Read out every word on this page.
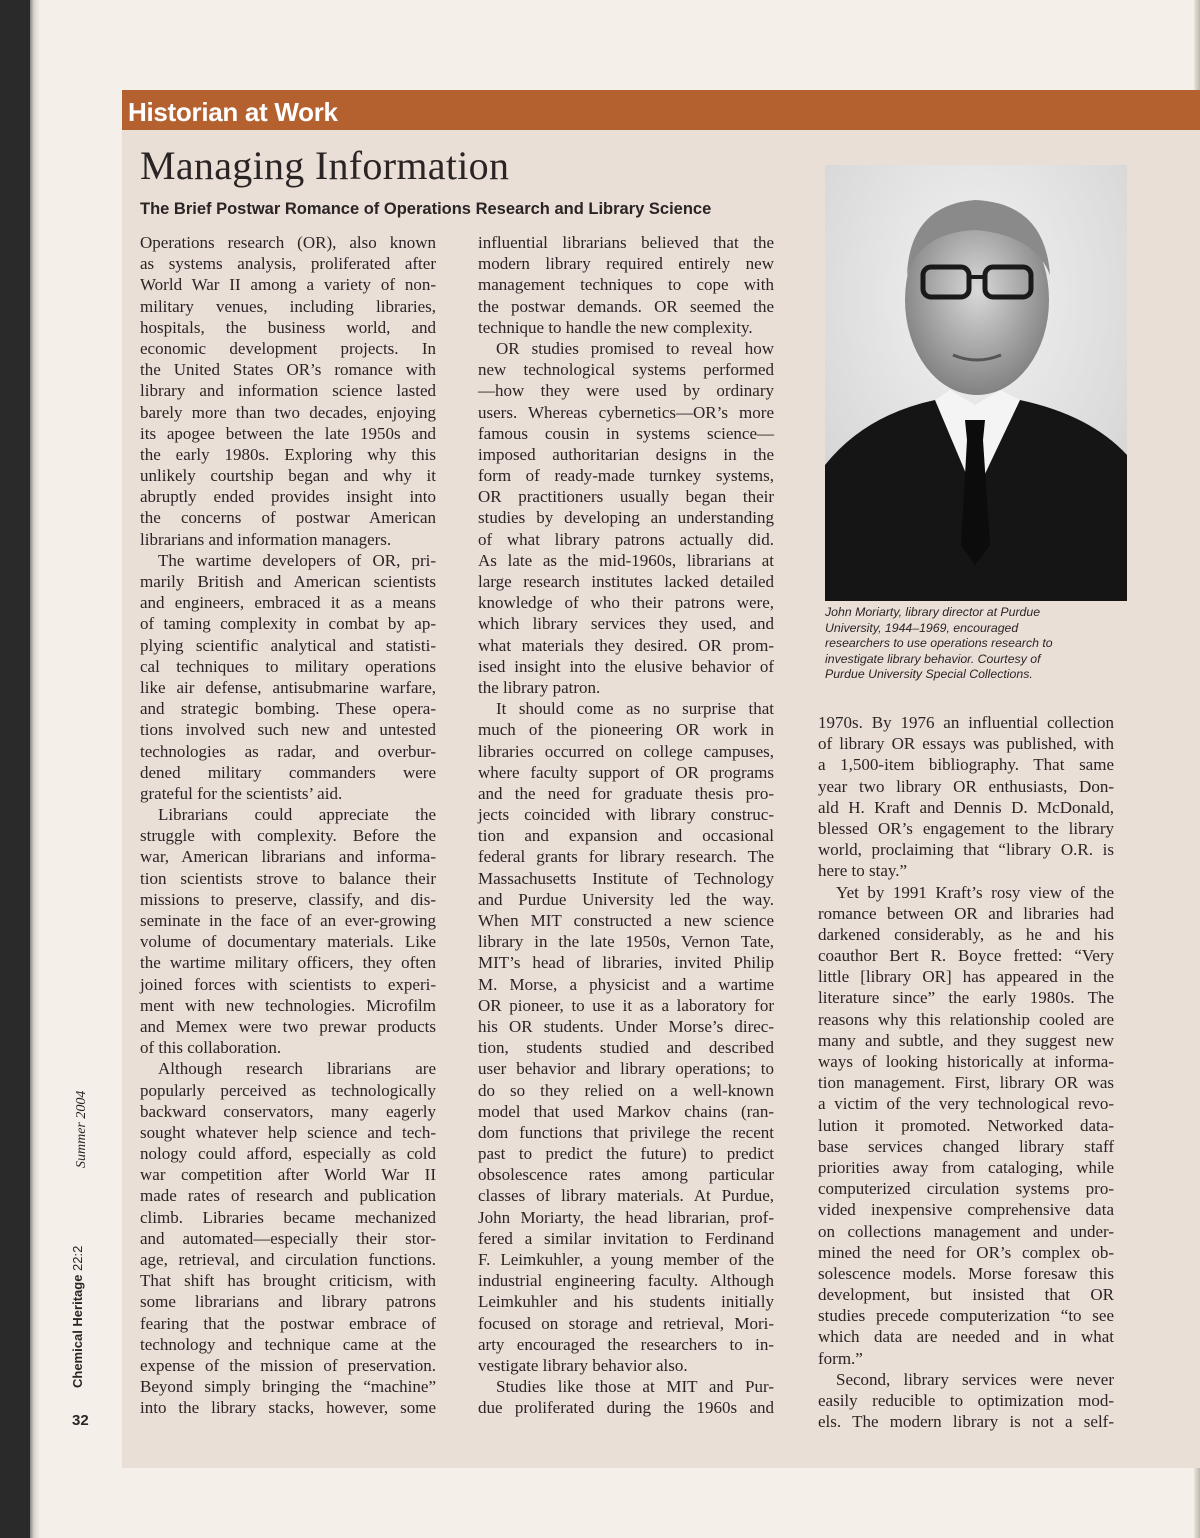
Historian at Work
Managing Information
The Brief Postwar Romance of Operations Research and Library Science
Operations research (OR), also known
as systems analysis, proliferated after
World War II among a variety of non-
military venues, including libraries,
hospitals, the business world, and
economic development projects. In
the United States OR’s romance with
library and information science lasted
barely more than two decades, enjoying
its apogee between the late 1950s and
the early 1980s. Exploring why this
unlikely courtship began and why it
abruptly ended provides insight into
the concerns of postwar American
librarians and information managers.
The wartime developers of OR, pri-
marily British and American scientists
and engineers, embraced it as a means
of taming complexity in combat by ap-
plying scientific analytical and statisti-
cal techniques to military operations
like air defense, antisubmarine warfare,
and strategic bombing. These opera-
tions involved such new and untested
technologies as radar, and overbur-
dened military commanders were
grateful for the scientists’ aid.
Librarians could appreciate the
struggle with complexity. Before the
war, American librarians and informa-
tion scientists strove to balance their
missions to preserve, classify, and dis-
seminate in the face of an ever-growing
volume of documentary materials. Like
the wartime military officers, they often
joined forces with scientists to experi-
ment with new technologies. Microfilm
and Memex were two prewar products
of this collaboration.
Although research librarians are
popularly perceived as technologically
backward conservators, many eagerly
sought whatever help science and tech-
nology could afford, especially as cold
war competition after World War II
made rates of research and publication
climb. Libraries became mechanized
and automated—especially their stor-
age, retrieval, and circulation functions.
That shift has brought criticism, with
some librarians and library patrons
fearing that the postwar embrace of
technology and technique came at the
expense of the mission of preservation.
Beyond simply bringing the “machine”
into the library stacks, however, some
influential librarians believed that the
modern library required entirely new
management techniques to cope with
the postwar demands. OR seemed the
technique to handle the new complexity.
OR studies promised to reveal how
new technological systems performed
—how they were used by ordinary
users. Whereas cybernetics—OR’s more
famous cousin in systems science—
imposed authoritarian designs in the
form of ready-made turnkey systems,
OR practitioners usually began their
studies by developing an understanding
of what library patrons actually did.
As late as the mid-1960s, librarians at
large research institutes lacked detailed
knowledge of who their patrons were,
which library services they used, and
what materials they desired. OR prom-
ised insight into the elusive behavior of
the library patron.
It should come as no surprise that
much of the pioneering OR work in
libraries occurred on college campuses,
where faculty support of OR programs
and the need for graduate thesis pro-
jects coincided with library construc-
tion and expansion and occasional
federal grants for library research. The
Massachusetts Institute of Technology
and Purdue University led the way.
When MIT constructed a new science
library in the late 1950s, Vernon Tate,
MIT’s head of libraries, invited Philip
M. Morse, a physicist and a wartime
OR pioneer, to use it as a laboratory for
his OR students. Under Morse’s direc-
tion, students studied and described
user behavior and library operations; to
do so they relied on a well-known
model that used Markov chains (ran-
dom functions that privilege the recent
past to predict the future) to predict
obsolescence rates among particular
classes of library materials. At Purdue,
John Moriarty, the head librarian, prof-
fered a similar invitation to Ferdinand
F. Leimkuhler, a young member of the
industrial engineering faculty. Although
Leimkuhler and his students initially
focused on storage and retrieval, Mori-
arty encouraged the researchers to in-
vestigate library behavior also.
Studies like those at MIT and Pur-
due proliferated during the 1960s and
1970s. By 1976 an influential collection
of library OR essays was published, with
a 1,500-item bibliography. That same
year two library OR enthusiasts, Don-
ald H. Kraft and Dennis D. McDonald,
blessed OR’s engagement to the library
world, proclaiming that “library O.R. is
here to stay.”
Yet by 1991 Kraft’s rosy view of the
romance between OR and libraries had
darkened considerably, as he and his
coauthor Bert R. Boyce fretted: “Very
little [library OR] has appeared in the
literature since” the early 1980s. The
reasons why this relationship cooled are
many and subtle, and they suggest new
ways of looking historically at informa-
tion management. First, library OR was
a victim of the very technological revo-
lution it promoted. Networked data-
base services changed library staff
priorities away from cataloging, while
computerized circulation systems pro-
vided inexpensive comprehensive data
on collections management and under-
mined the need for OR’s complex ob-
solescence models. Morse foresaw this
development, but insisted that OR
studies precede computerization “to see
which data are needed and in what
form.”
Second, library services were never
easily reducible to optimization mod-
els. The modern library is not a self-
John Moriarty, library director at Purdue
University, 1944–1969, encouraged
researchers to use operations research to
investigate library behavior. Courtesy of
Purdue University Special Collections.
Chemical Heritage 22:2
Summer 2004
32
